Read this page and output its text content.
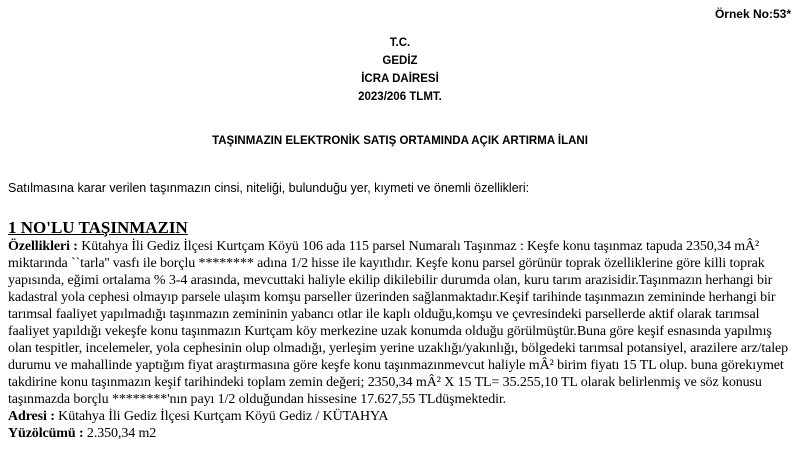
Örnek No:53*
T.C.
GEDİZ
İCRA DAİRESİ
2023/206 TLMT.
TAŞINMAZIN ELEKTRONİK SATIŞ ORTAMINDA AÇIK ARTIRMA İLANI
Satılmasına karar verilen taşınmazın cinsi, niteliği, bulunduğu yer, kıymeti ve önemli özellikleri:

1 NO'LU TAŞINMAZIN

Özellikleri : Kütahya İli Gediz İlçesi Kurtçam Köyü 106 ada 115 parsel Numaralı Taşınmaz : Keşfe konu taşınmaz tapuda 2350,34 mÂ² miktarında ``tarla'' vasfı ile borçlu ******** adına 1/2 hisse ile kayıtlıdır. Keşfe konu parsel görünür toprak özelliklerine göre killi toprak yapısında, eğimi ortalama % 3-4 arasında, mevcuttaki haliyle ekilip dikilebilir durumda olan, kuru tarım arazisidir.Taşınmazın herhangi bir kadastral yola cephesi olmayıp parsele ulaşım komşu parseller üzerinden sağlanmaktadır.Keşif tarihinde taşınmazın zemininde herhangi bir tarımsal faaliyet yapılmadığı taşınmazın zemininin yabancı otlar ile kaplı olduğu,komşu ve çevresindeki parsellerde aktif olarak tarımsal faaliyet yapıldığı vekeşfe konu taşınmazın Kurtçam köy merkezine uzak konumda olduğu görülmüştür.Buna göre keşif esnasında yapılmış olan tespitler, incelemeler, yola cephesinin olup olmadığı, yerleşim yerine uzaklığı/yakınlığı, bölgedeki tarımsal potansiyel, arazilere arz/talep durumu ve mahallinde yaptığım fiyat araştırmasına göre keşfe konu taşınmazınmevcut haliyle mÂ² birim fiyatı 15 TL olup. buna görekıymet takdirine konu taşınmazın keşif tarihindeki toplam zemin değeri; 2350,34 mÂ² X 15 TL= 35.255,10 TL olarak belirlenmiş ve söz konusu taşınmazda borçlu ********'nın payı 1/2 olduğundan hissesine 17.627,55 TLdüşmektedir.

Adresi : Kütahya İli Gediz İlçesi Kurtçam Köyü Gediz / KÜTAHYA

Yüzölcümü : 2.350,34 m2
